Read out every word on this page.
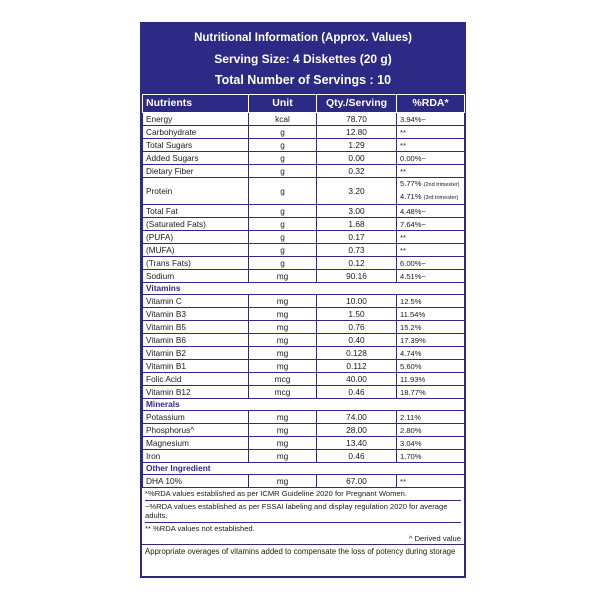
Nutritional Information (Approx. Values)
Serving Size: 4 Diskettes (20 g)
Total Number of Servings : 10
Nutrients	Unit	Qty./Serving	%RDA*
Energy	kcal	78.70	3.94%~
Carbohydrate	g	12.80	**
Total Sugars	g	1.29	**
Added Sugars	g	0.00	0.00%~
Dietary Fiber	g	0.32	**
Protein	g	3.20	5.77% (2nd trimester)
4.71% (3rd trimester)

Total Fat	g	3.00	4.48%~
(Saturated Fats)	g	1.68	7.64%~
(PUFA)	g	0.17	**
(MUFA)	g	0.73	**
(Trans Fats)	g	0.12	6.00%~
Sodium	mg	90.16	4.51%~
Vitamins			
Vitamin C	mg	10.00	12.5%
Vitamin B3	mg	1.50	11.54%
Vitamin B5	mg	0.76	15.2%
Vitamin B6	mg	0.40	17.39%
Vitamin B2	mg	0.128	4.74%
Vitamin B1	mg	0.112	5.60%
Folic Acid	mcg	40.00	11.93%
Vitamin B12	mcg	0.46	18.77%
Minerals			
Potassium	mg	74.00	2.11%
Phosphorus^	mg	28.00	2.80%
Magnesium	mg	13.40	3.04%
Iron	mg	0.46	1.70%
Other Ingredient			
DHA 10%	mg	67.00	**
*%RDA values established as per ICMR Guideline 2020 for Pregnant Women.
~%RDA values established as per FSSAI labeling and display regulation 2020 for average adults.
** %RDA values not established.
^ Derived value
Appropriate overages of vitamins added to compensate the loss of potency during storage
